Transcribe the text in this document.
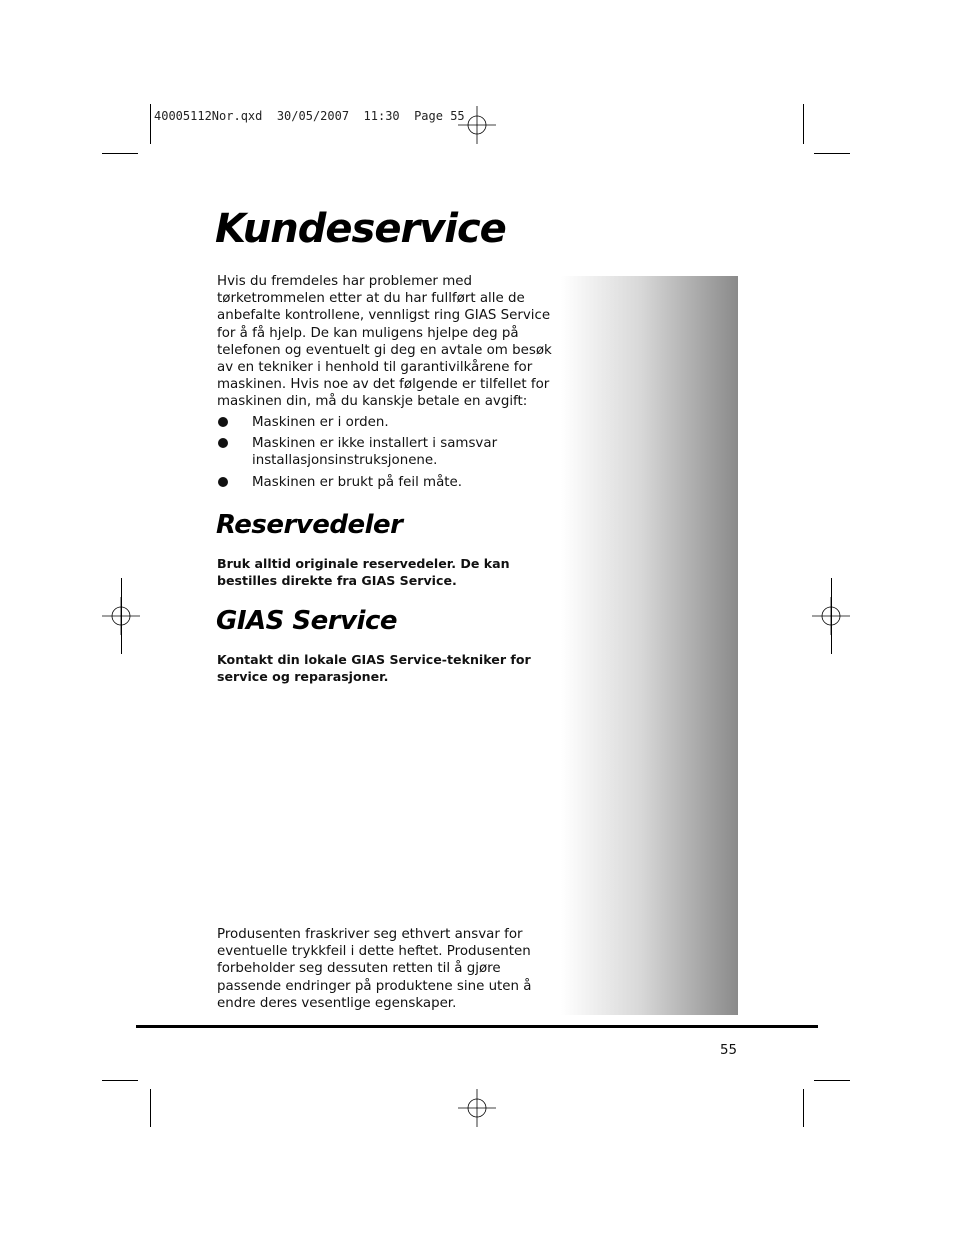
40005112Nor.qxd  30/05/2007  11:30  Page 55
Kundeservice

Hvis du fremdeles har problemer med tørketrommelen etter at du har fullført alle de anbefalte kontrollene, vennligst ring GIAS Service for å få hjelp. De kan muligens hjelpe deg på telefonen og eventuelt gi deg en avtale om besøk av en tekniker i henhold til garantivilkårene for maskinen. Hvis noe av det følgende er tilfellet for maskinen din, må du kanskje betale en avgift:

Maskinen er i orden.
Maskinen er ikke installert i samsvar installasjonsinstruksjonene.
Maskinen er brukt på feil måte.
Reservedeler

Bruk alltid originale reservedeler. De kan bestilles direkte fra GIAS Service.

GIAS Service

Kontakt din lokale GIAS Service-tekniker for service og reparasjoner.

Produsenten fraskriver seg ethvert ansvar for eventuelle trykkfeil i dette heftet. Produsenten forbeholder seg dessuten retten til å gjøre passende endringer på produktene sine uten å endre deres vesentlige egenskaper.

55
